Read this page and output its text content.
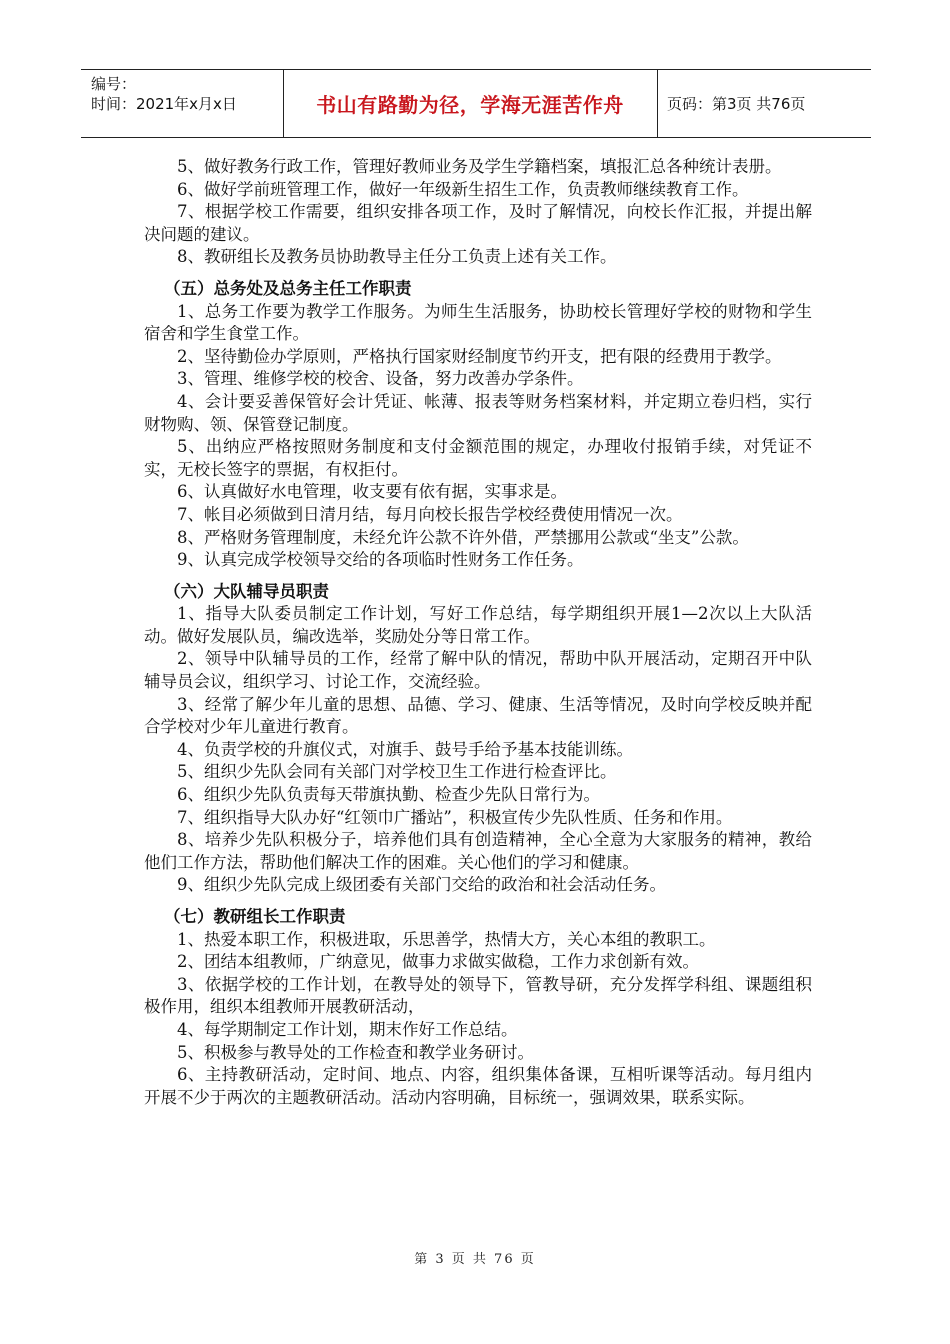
编号：
时间：2021年x月x日	书山有路勤为径，学海无涯苦作舟	页码：第3页 共76页

5、做好教务行政工作，管理好教师业务及学生学籍档案，填报汇总各种统计表册。

6、做好学前班管理工作，做好一年级新生招生工作，负责教师继续教育工作。

7、根据学校工作需要，组织安排各项工作，及时了解情况，向校长作汇报，并提出解决问题的建议。

8、教研组长及教务员协助教导主任分工负责上述有关工作。

（五）总务处及总务主任工作职责

1、总务工作要为教学工作服务。为师生生活服务，协助校长管理好学校的财物和学生宿舍和学生食堂工作。

2、坚待勤俭办学原则，严格执行国家财经制度节约开支，把有限的经费用于教学。

3、管理、维修学校的校舍、设备，努力改善办学条件。

4、会计要妥善保管好会计凭证、帐薄、报表等财务档案材料，并定期立卷归档，实行财物购、领、保管登记制度。

5、出纳应严格按照财务制度和支付金额范围的规定，办理收付报销手续，对凭证不实，无校长签字的票据，有权拒付。

6、认真做好水电管理，收支要有依有据，实事求是。

7、帐目必须做到日清月结，每月向校长报告学校经费使用情况一次。

8、严格财务管理制度，未经允许公款不许外借，严禁挪用公款或“坐支”公款。

9、认真完成学校领导交给的各项临时性财务工作任务。

（六）大队辅导员职责

1、指导大队委员制定工作计划，写好工作总结，每学期组织开展1—2次以上大队活动。做好发展队员，编改选举，奖励处分等日常工作。

2、领导中队辅导员的工作，经常了解中队的情况，帮助中队开展活动，定期召开中队辅导员会议，组织学习、讨论工作，交流经验。

3、经常了解少年儿童的思想、品德、学习、健康、生活等情况，及时向学校反映并配合学校对少年儿童进行教育。

4、负责学校的升旗仪式，对旗手、鼓号手给予基本技能训练。

5、组织少先队会同有关部门对学校卫生工作进行检查评比。

6、组织少先队负责每天带旗执勤、检查少先队日常行为。

7、组织指导大队办好“红领巾广播站”，积极宣传少先队性质、任务和作用。

8、培养少先队积极分子，培养他们具有创造精神，全心全意为大家服务的精神，教给他们工作方法，帮助他们解决工作的困难。关心他们的学习和健康。

9、组织少先队完成上级团委有关部门交给的政治和社会活动任务。

（七）教研组长工作职责

1、热爱本职工作，积极进取，乐思善学，热情大方，关心本组的教职工。

2、团结本组教师，广纳意见，做事力求做实做稳，工作力求创新有效。

3、依据学校的工作计划，在教导处的领导下，管教导研，充分发挥学科组、课题组积极作用，组织本组教师开展教研活动，

4、每学期制定工作计划，期末作好工作总结。

5、积极参与教导处的工作检查和教学业务研讨。

6、主持教研活动，定时间、地点、内容，组织集体备课，互相听课等活动。每月组内开展不少于两次的主题教研活动。活动内容明确，目标统一，强调效果，联系实际。

第 3 页 共 76 页
